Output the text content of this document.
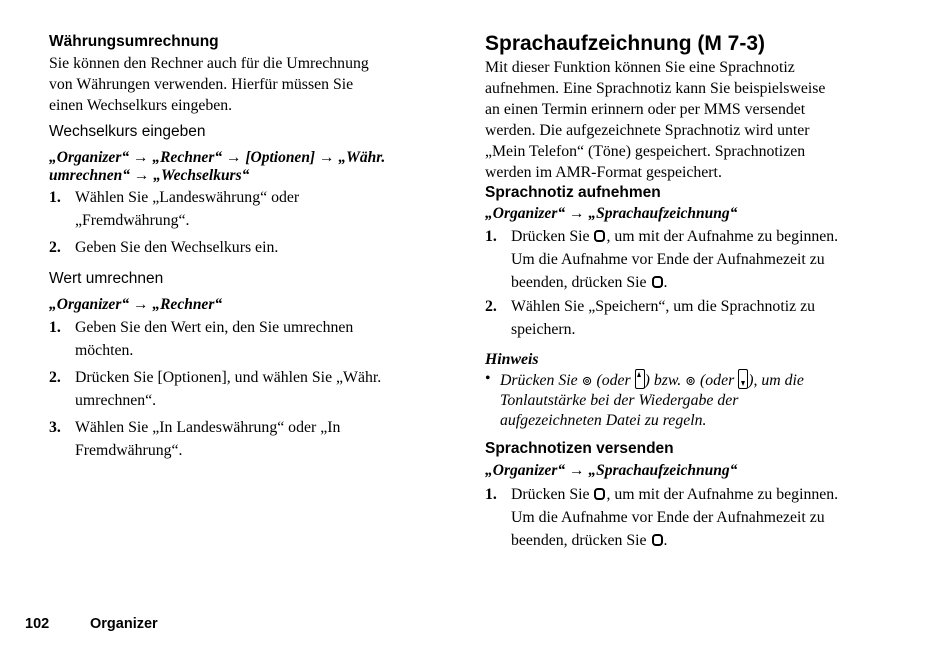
Währungsumrechnung
Sie können den Rechner auch für die Umrechnung
von Währungen verwenden. Hierfür müssen Sie
einen Wechselkurs eingeben.
Wechselkurs eingeben
„Organizer“ → „Rechner“ → [Optionen] → „Währ.
umrechnen“ → „Wechselkurs“
1. Wählen Sie „Landeswährung“ oder
„Fremdwährung“.
2. Geben Sie den Wechselkurs ein.
Wert umrechnen
„Organizer“ → „Rechner“
1. Geben Sie den Wert ein, den Sie umrechnen
möchten.
2. Drücken Sie [Optionen], und wählen Sie „Währ.
umrechnen“.
3. Wählen Sie „In Landeswährung“ oder „In
Fremdwährung“.
Sprachaufzeichnung (M 7-3)
Mit dieser Funktion können Sie eine Sprachnotiz
aufnehmen. Eine Sprachnotiz kann Sie beispielsweise
an einen Termin erinnern oder per MMS versendet
werden. Die aufgezeichnete Sprachnotiz wird unter
„Mein Telefon“ (Töne) gespeichert. Sprachnotizen
werden im AMR-Format gespeichert.
Sprachnotiz aufnehmen
„Organizer“ → „Sprachaufzeichnung“
1. Drücken Sie , um mit der Aufnahme zu beginnen.
Um die Aufnahme vor Ende der Aufnahmezeit zu
beenden, drücken Sie .
2. Wählen Sie „Speichern“, um die Sprachnotiz zu
speichern.
Hinweis
• Drücken Sie ⊚ (oder ) bzw. ⊚ (oder ), um die
Tonlautstärke bei der Wiedergabe der
aufgezeichneten Datei zu regeln.
Sprachnotizen versenden
„Organizer“ → „Sprachaufzeichnung“
1. Drücken Sie , um mit der Aufnahme zu beginnen.
Um die Aufnahme vor Ende der Aufnahmezeit zu
beenden, drücken Sie .
102	Organizer
